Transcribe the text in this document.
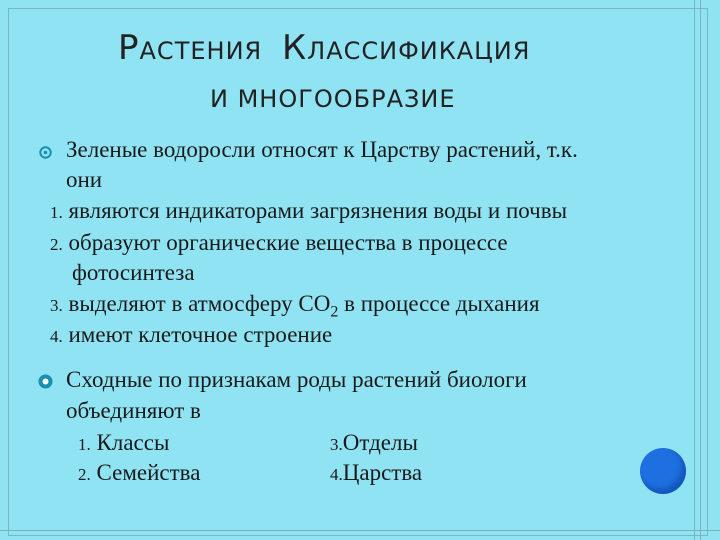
РАСТЕНИЯ КЛАССИФИКАЦИЯ
И МНОГООБРАЗИЕ
Зеленые водоросли относят к Царству растений, т.к.
они
1. являются индикаторами загрязнения воды и почвы
2. образуют органические вещества в процессе
фотосинтеза
3. выделяют в атмосферу $СО_2$ в процессе дыхания
4. имеют клеточное строение
Сходные по признакам роды растений биологи
объединяют в
1. Классы	3.Отделы
2. Семейства	4.Царства
